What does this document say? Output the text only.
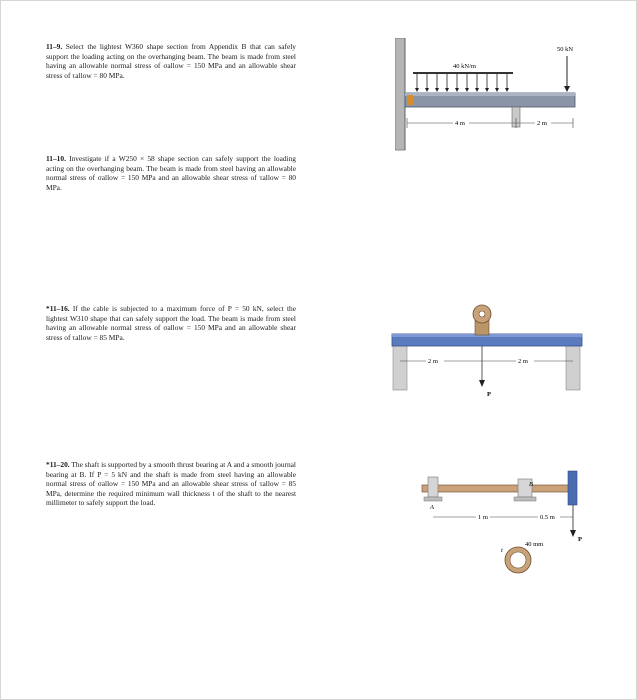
11–9. Select the lightest W360 shape section from Appendix B that can safely support the loading acting on the overhanging beam. The beam is made from steel having an allowable normal stress of σallow = 150 MPa and an allowable shear stress of τallow = 80 MPa.
11–10. Investigate if a W250 × 58 shape section can safely support the loading acting on the overhanging beam. The beam is made from steel having an allowable normal stress of σallow = 150 MPa and an allowable shear stress of τallow = 80 MPa.
*11–16. If the cable is subjected to a maximum force of P = 50 kN, select the lightest W310 shape that can safely support the load. The beam is made from steel having an allowable normal stress of σallow = 150 MPa and an allowable shear stress of τallow = 85 MPa.
*11–20. The shaft is supported by a smooth thrust bearing at A and a smooth journal bearing at B. If P = 5 kN and the shaft is made from steel having an allowable normal stress of σallow = 150 MPa and an allowable shear stress of τallow = 85 MPa, determine the required minimum wall thickness t of the shaft to the nearest millimeter to safely support the load.
40 kN/m
50 kN
4 m	2 m
P
2 m	2 m
A
B
P
1 m	0.5 m
t
40 mm
